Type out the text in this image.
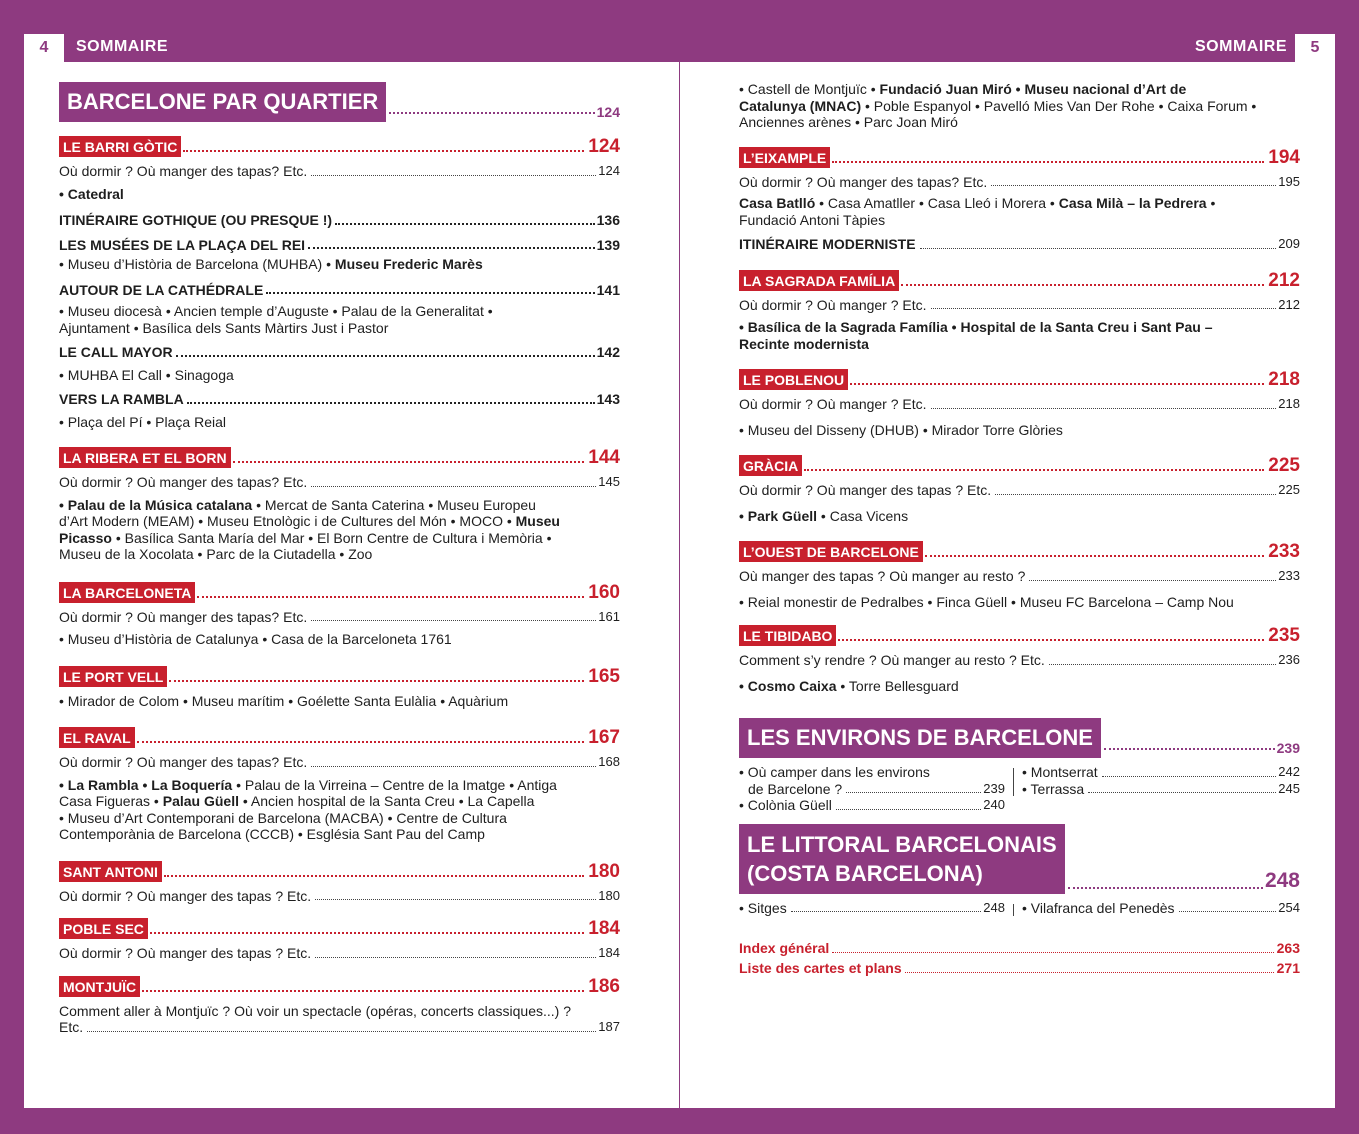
4	SOMMAIRE	SOMMAIRE	5
BARCELONE PAR QUARTIER	124
LE BARRI GÒTIC	124
Où dormir ? Où manger des tapas? Etc.	124
• Catedral
ITINÉRAIRE GOTHIQUE (OU PRESQUE !)	136
LES MUSÉES DE LA PLAÇA DEL REI	139
• Museu d’Història de Barcelona (MUHBA) • Museu Frederic Marès
AUTOUR DE LA CATHÉDRALE	141
• Museu diocesà • Ancien temple d’Auguste • Palau de la Generalitat •
Ajuntament • Basílica dels Sants Màrtirs Just i Pastor
LE CALL MAYOR	142
• MUHBA El Call • Sinagoga
VERS LA RAMBLA	143
• Plaça del Pí • Plaça Reial
LA RIBERA ET EL BORN	144
Où dormir ? Où manger des tapas? Etc.	145
• Palau de la Música catalana • Mercat de Santa Caterina • Museu Europeu
d’Art Modern (MEAM) • Museu Etnològic i de Cultures del Món • MOCO • Museu
Picasso • Basílica Santa María del Mar • El Born Centre de Cultura i Memòria •
Museu de la Xocolata • Parc de la Ciutadella • Zoo
LA BARCELONETA	160
Où dormir ? Où manger des tapas? Etc.	161
• Museu d’Història de Catalunya • Casa de la Barceloneta 1761
LE PORT VELL	165
• Mirador de Colom • Museu marítim • Goélette Santa Eulàlia • Aquàrium
EL RAVAL	167
Où dormir ? Où manger des tapas? Etc.	168
• La Rambla • La Boquería • Palau de la Virreina – Centre de la Imatge • Antiga
Casa Figueras • Palau Güell • Ancien hospital de la Santa Creu • La Capella
• Museu d’Art Contemporani de Barcelona (MACBA) • Centre de Cultura
Contemporània de Barcelona (CCCB) • Església Sant Pau del Camp
SANT ANTONI	180
Où dormir ? Où manger des tapas ? Etc.	180
POBLE SEC	184
Où dormir ? Où manger des tapas ? Etc.	184
MONTJUÏC	186
Comment aller à Montjuïc ? Où voir un spectacle (opéras, concerts classiques...) ?
Etc.	187
• Castell de Montjuïc • Fundació Juan Miró • Museu nacional d’Art de
Catalunya (MNAC) • Poble Espanyol • Pavelló Mies Van Der Rohe • Caixa Forum •
Anciennes arènes • Parc Joan Miró
L’EIXAMPLE	194
Où dormir ? Où manger des tapas? Etc.	195
Casa Batlló • Casa Amatller • Casa Lleó i Morera • Casa Milà – la Pedrera •
Fundació Antoni Tàpies
ITINÉRAIRE MODERNISTE	209
LA SAGRADA FAMÍLIA	212
Où dormir ? Où manger ? Etc.	212
• Basílica de la Sagrada Família • Hospital de la Santa Creu i Sant Pau –
Recinte modernista
LE POBLENOU	218
Où dormir ? Où manger ? Etc.	218
• Museu del Disseny (DHUB) • Mirador Torre Glòries
GRÀCIA	225
Où dormir ? Où manger des tapas ? Etc.	225
• Park Güell • Casa Vicens
L’OUEST DE BARCELONE	233
Où manger des tapas ? Où manger au resto ?	233
• Reial monestir de Pedralbes • Finca Güell • Museu FC Barcelona – Camp Nou
LE TIBIDABO	235
Comment s’y rendre ? Où manger au resto ? Etc.	236
• Cosmo Caixa • Torre Bellesguard
LES ENVIRONS DE BARCELONE	239
• Où camper dans les environs
de Barcelone ?	239
• Colònia Güell	240
• Montserrat	242
• Terrassa	245
LE LITTORAL BARCELONAIS
(COSTA BARCELONA)	248
• Sitges	248 • Vilafranca del Penedès	254
Index général	263
Liste des cartes et plans	271
